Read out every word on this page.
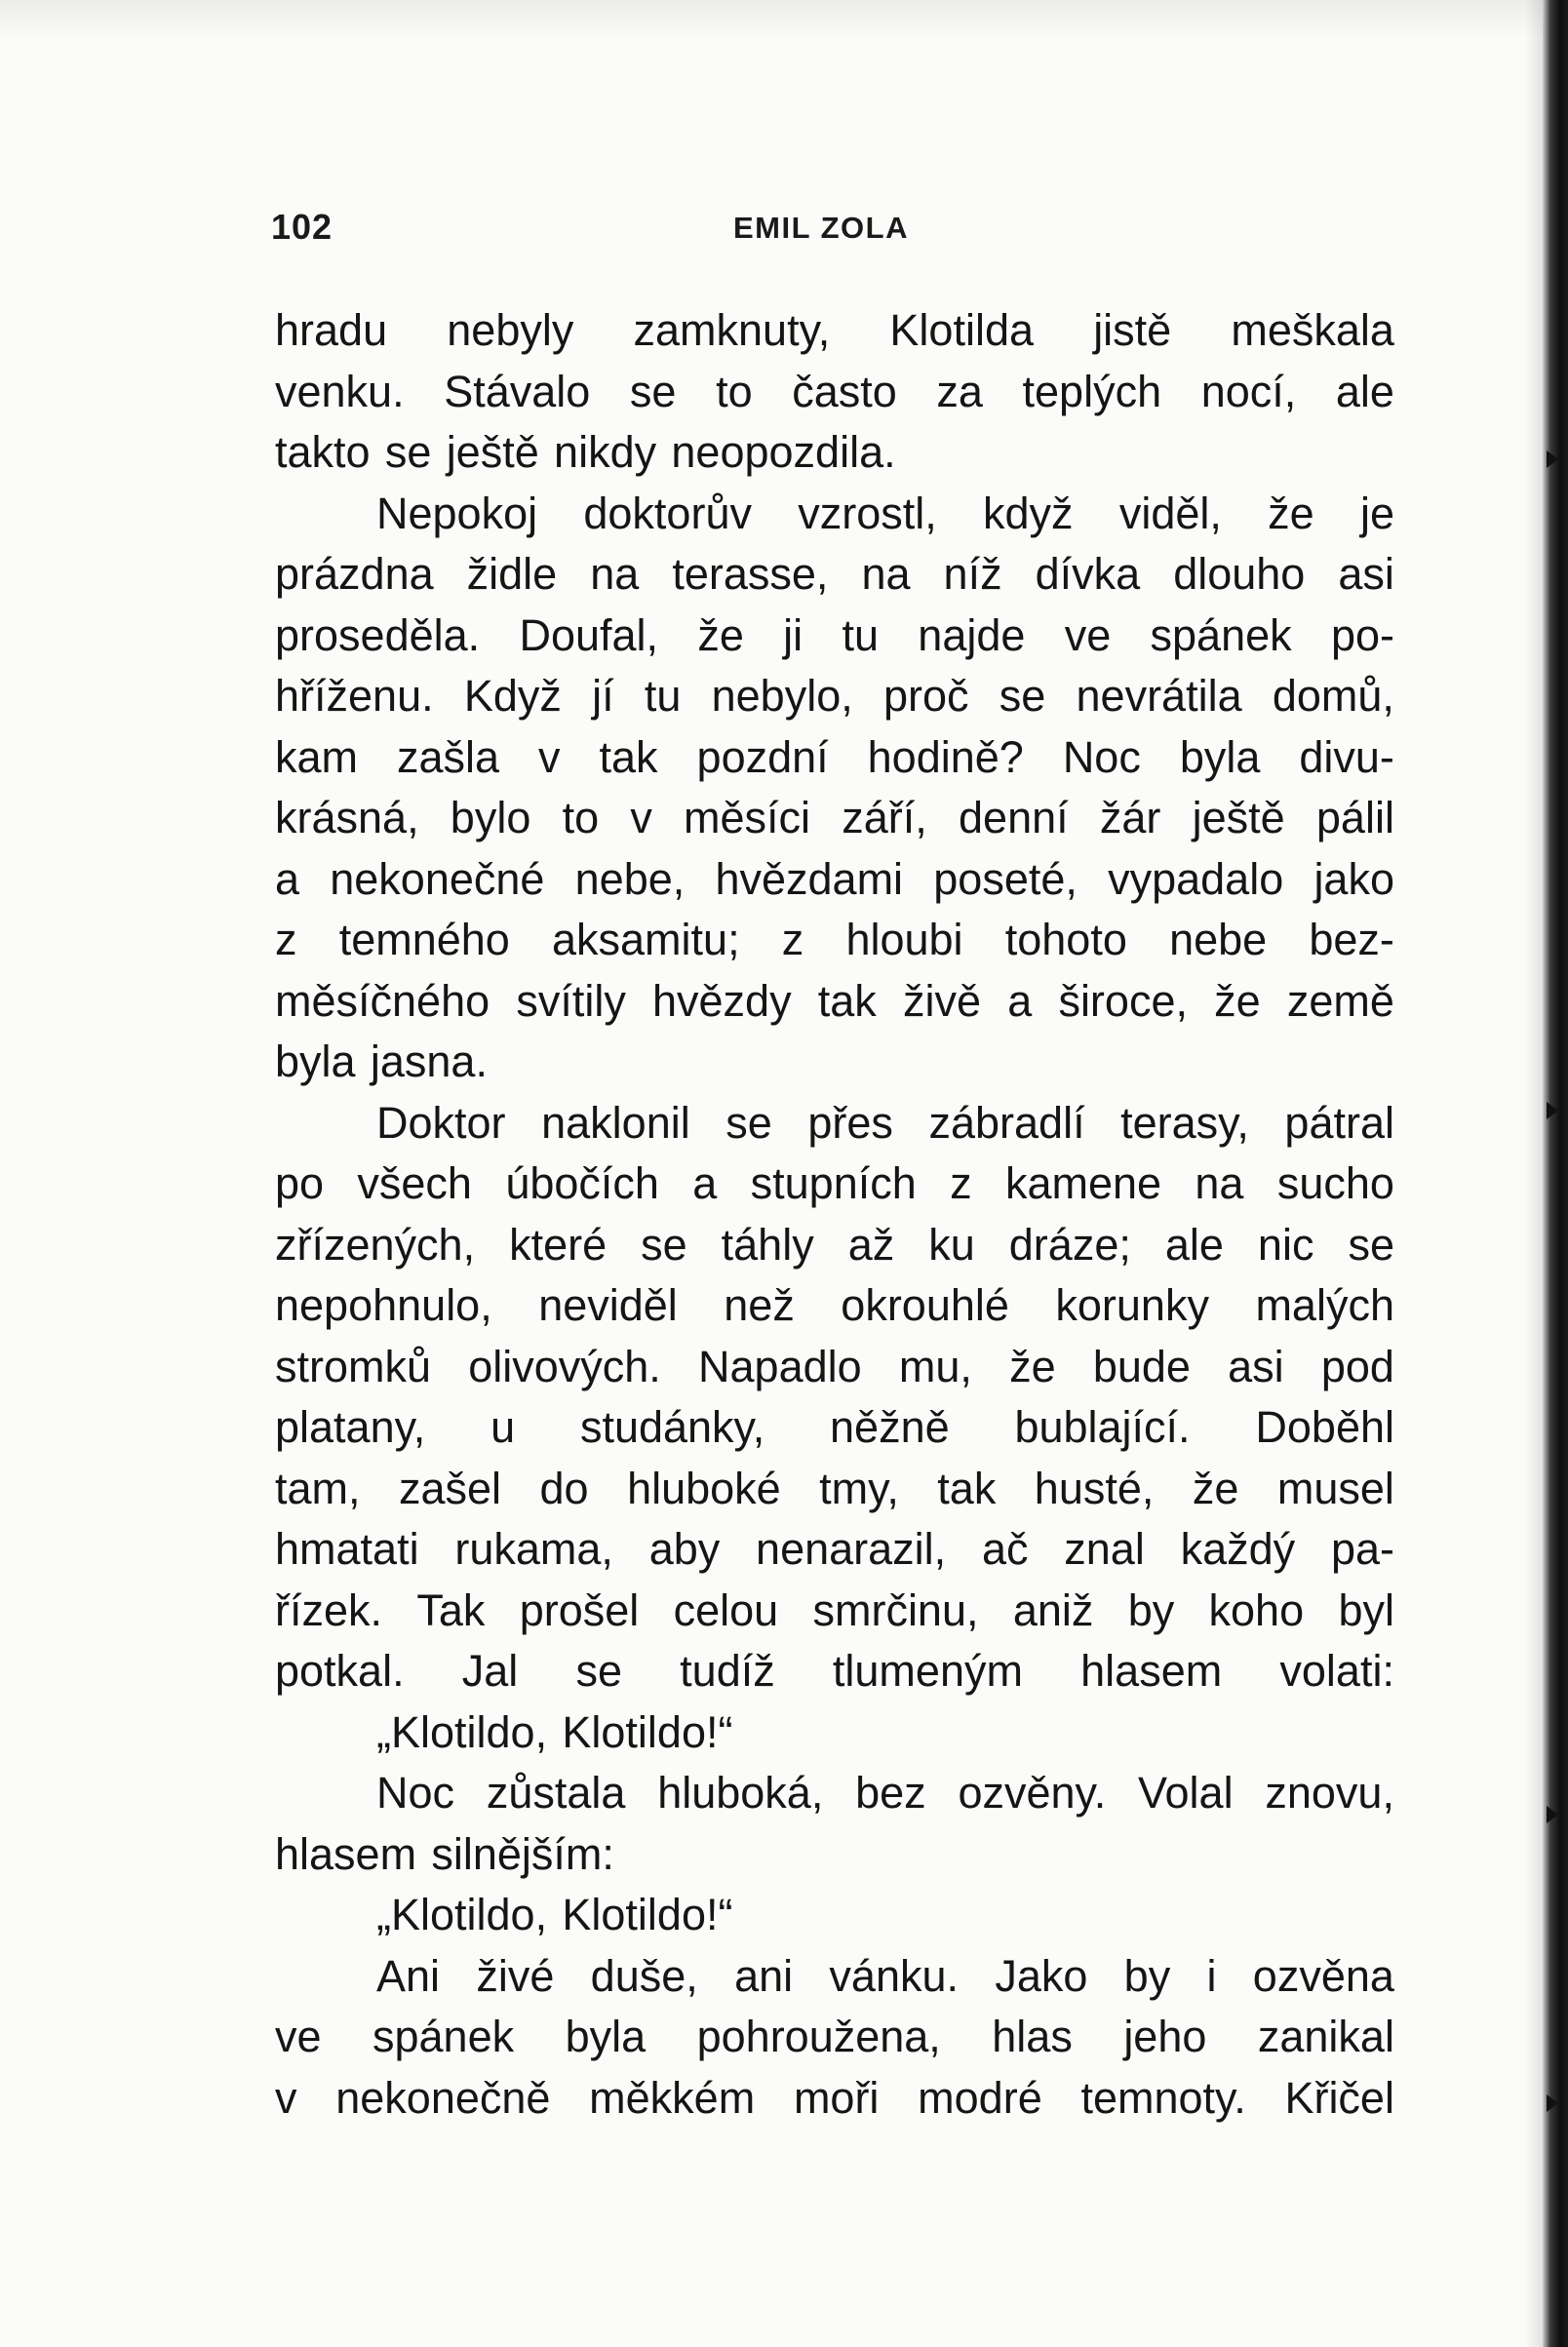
102	EMIL ZOLA
hradu nebyly zamknuty, Klotilda jistě meškala
venku. Stávalo se to často za teplých nocí, ale
takto se ještě nikdy neopozdila.
Nepokoj doktorův vzrostl, když viděl, že je
prázdna židle na terasse, na níž dívka dlouho asi
proseděla. Doufal, že ji tu najde ve spánek po-
hříženu. Když jí tu nebylo, proč se nevrátila domů,
kam zašla v tak pozdní hodině? Noc byla divu-
krásná, bylo to v měsíci září, denní žár ještě pálil
a nekonečné nebe, hvězdami poseté, vypadalo jako
z temného aksamitu; z hloubi tohoto nebe bez-
měsíčného svítily hvězdy tak živě a široce, že země
byla jasna.
Doktor naklonil se přes zábradlí terasy, pátral
po všech úbočích a stupních z kamene na sucho
zřízených, které se táhly až ku dráze; ale nic se
nepohnulo, neviděl než okrouhlé korunky malých
stromků olivových. Napadlo mu, že bude asi pod
platany, u studánky, něžně bublající. Doběhl
tam, zašel do hluboké tmy, tak husté, že musel
hmatati rukama, aby nenarazil, ač znal každý pa-
řízek. Tak prošel celou smrčinu, aniž by koho byl
potkal. Jal se tudíž tlumeným hlasem volati:
„Klotildo, Klotildo!“
Noc zůstala hluboká, bez ozvěny. Volal znovu,
hlasem silnějším:
„Klotildo, Klotildo!“
Ani živé duše, ani vánku. Jako by i ozvěna
ve spánek byla pohroužena, hlas jeho zanikal
v nekonečně měkkém moři modré temnoty. Křičel
